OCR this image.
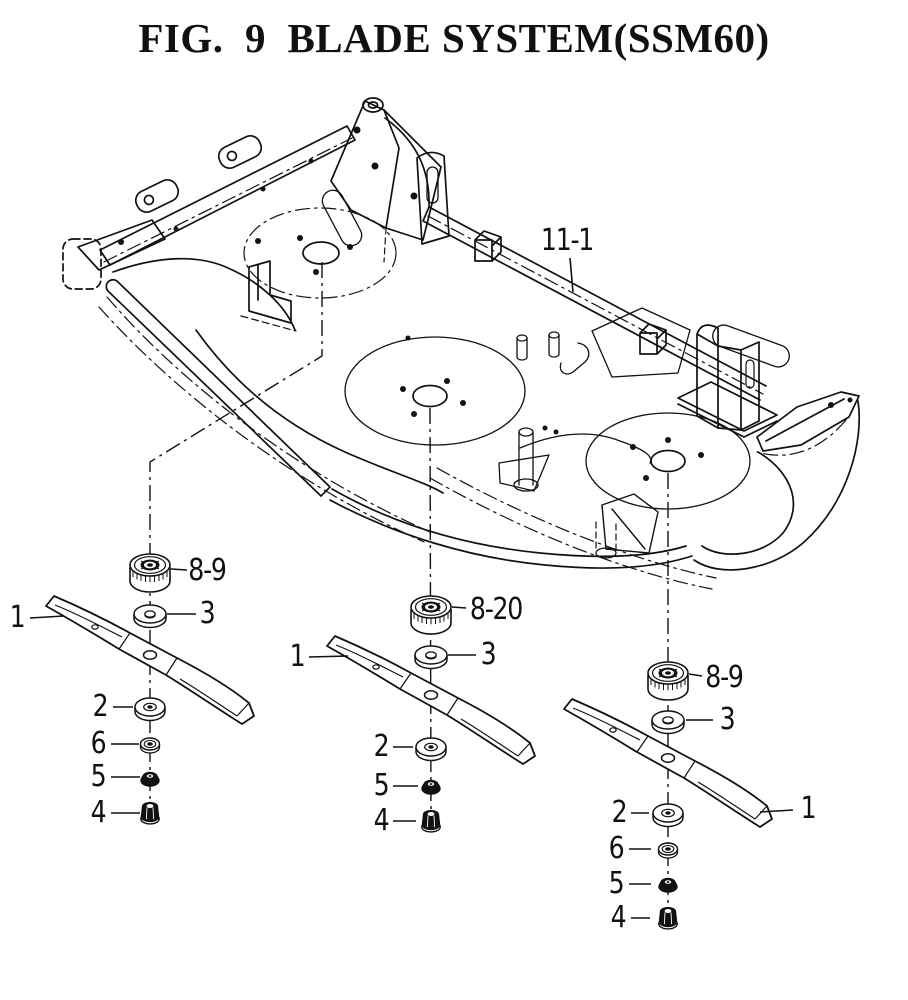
FIG.  9  BLADE SYSTEM(SSM60)
11-1
8-9
3
1
2
6
5
4
8-20
3
1
2
5
4
8-9
3
1
2
6
5
4
